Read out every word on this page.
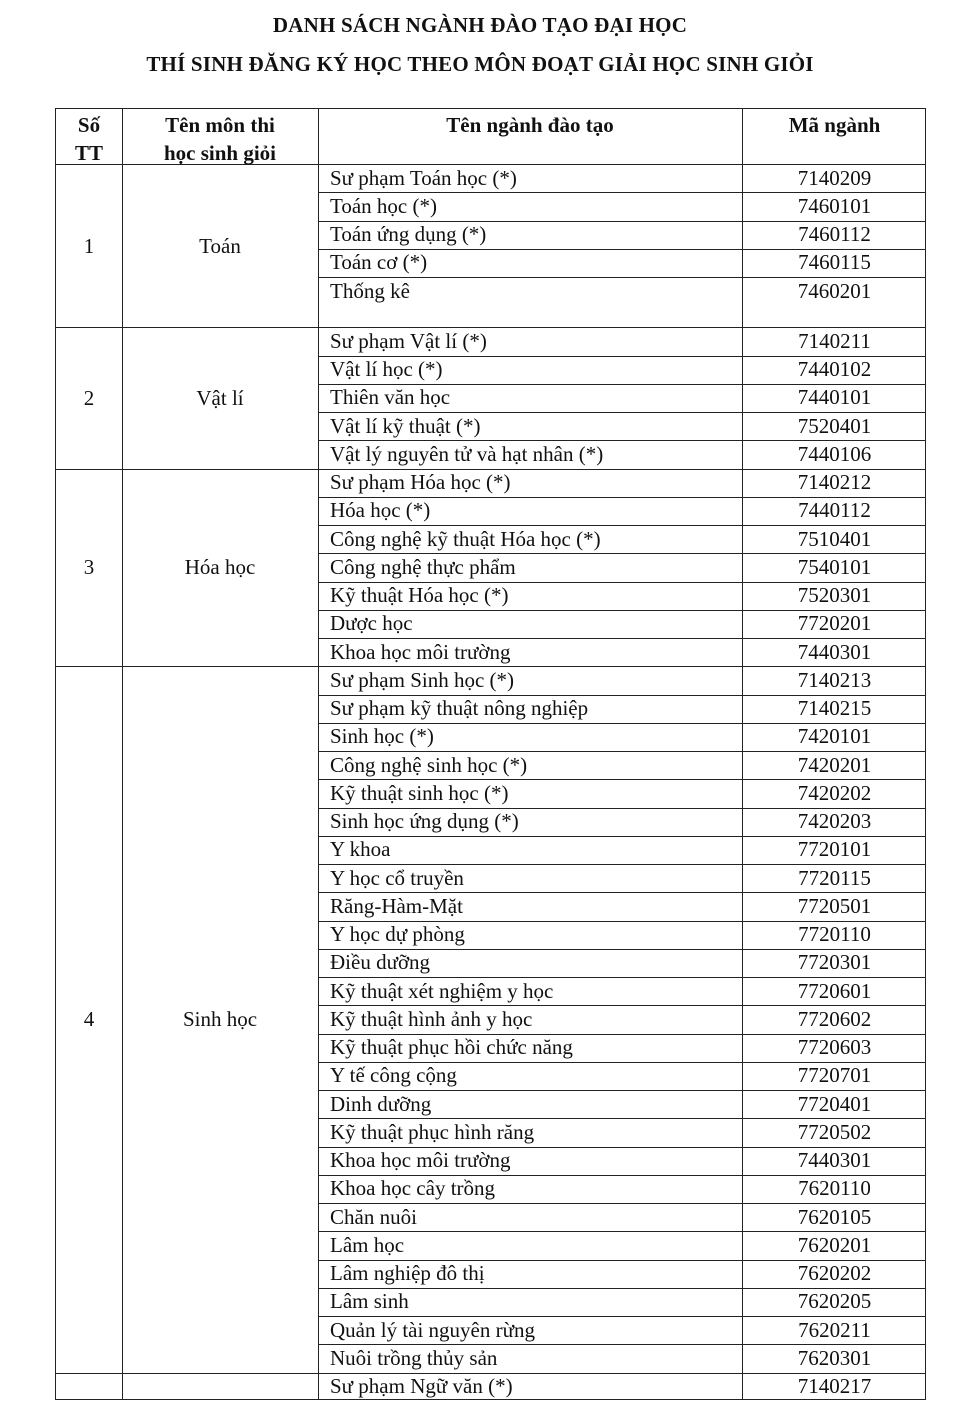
DANH SÁCH NGÀNH ĐÀO TẠO ĐẠI HỌC
THÍ SINH ĐĂNG KÝ HỌC THEO MÔN ĐOẠT GIẢI HỌC SINH GIỎI
Số
TT
Tên môn thi
học sinh giỏi
Tên ngành đào tạo	Mã ngành
Sư phạm Toán học (*)	7140209
Toán học (*)	7460101
Toán ứng dụng (*)	7460112
Toán cơ (*)	7460115
Thống kê	7460201
1	Toán
Sư phạm Vật lí (*)	7140211
Vật lí học (*)	7440102
Thiên văn học	7440101
Vật lí kỹ thuật (*)	7520401
Vật lý nguyên tử và hạt nhân (*)	7440106
2	Vật lí
Sư phạm Hóa học (*)	7140212
Hóa học (*)	7440112
Công nghệ kỹ thuật Hóa học (*)	7510401
Công nghệ thực phẩm	7540101
Kỹ thuật Hóa học (*)	7520301
Dược học	7720201
Khoa học môi trường	7440301
3	Hóa học
Sư phạm Sinh học (*)	7140213
Sư phạm kỹ thuật nông nghiệp	7140215
Sinh học (*)	7420101
Công nghệ sinh học (*)	7420201
Kỹ thuật sinh học (*)	7420202
Sinh học ứng dụng (*)	7420203
Y khoa	7720101
Y học cổ truyền	7720115
Răng-Hàm-Mặt	7720501
Y học dự phòng	7720110
Điều dưỡng	7720301
Kỹ thuật xét nghiệm y học	7720601
Kỹ thuật hình ảnh y học	7720602
Kỹ thuật phục hồi chức năng	7720603
Y tế công cộng	7720701
Dinh dưỡng	7720401
Kỹ thuật phục hình răng	7720502
Khoa học môi trường	7440301
Khoa học cây trồng	7620110
Chăn nuôi	7620105
Lâm học	7620201
Lâm nghiệp đô thị	7620202
Lâm sinh	7620205
Quản lý tài nguyên rừng	7620211
Nuôi trồng thủy sản	7620301
4	Sinh học
Sư phạm Ngữ văn (*)	7140217
